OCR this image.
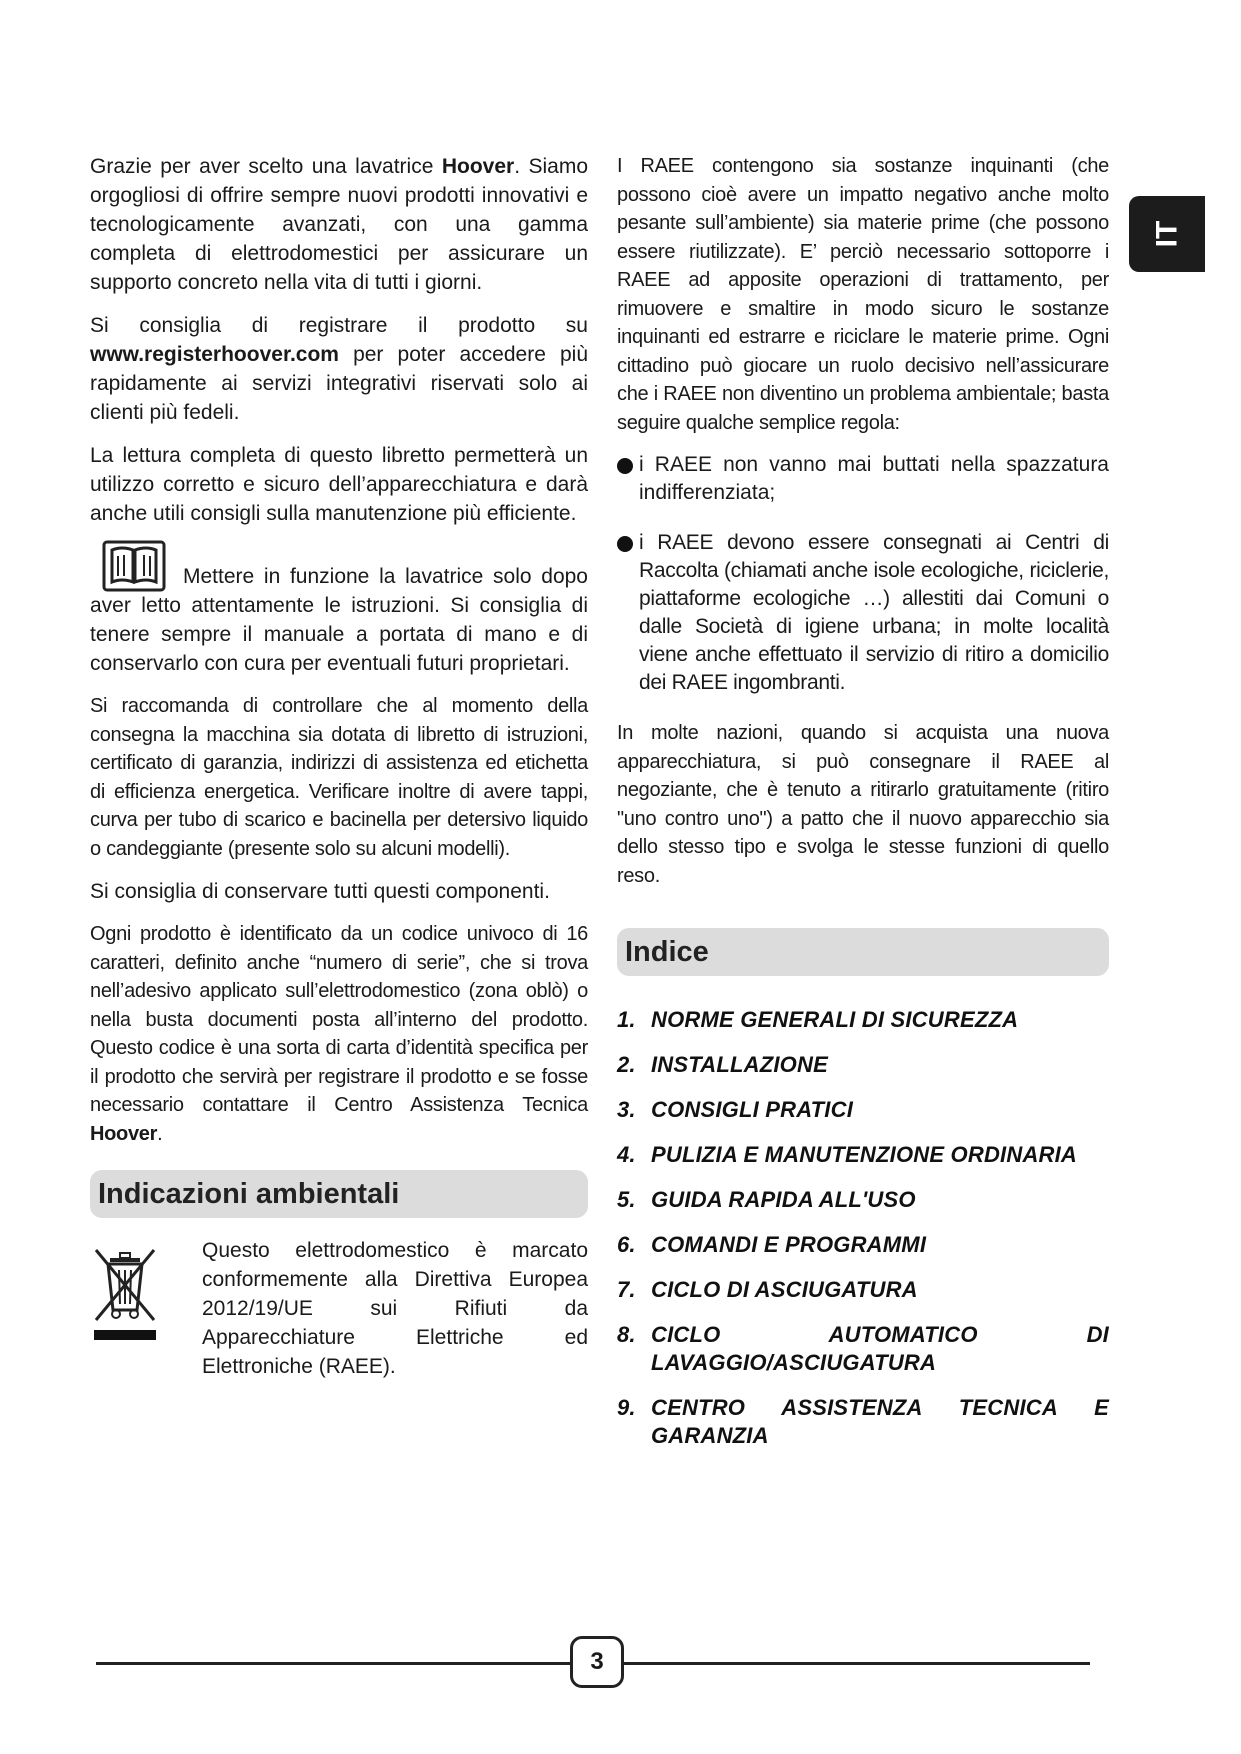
IT

Grazie per aver scelto una lavatrice Hoover. Siamo orgogliosi di offrire sempre nuovi prodotti innovativi e tecnologicamente avanzati, con una gamma completa di elettrodomestici per assicurare un supporto concreto nella vita di tutti i giorni.

Si consiglia di registrare il prodotto su www.registerhoover.com per poter accedere più rapidamente ai servizi integrativi riservati solo ai clienti più fedeli.

La lettura completa di questo libretto permetterà un utilizzo corretto e sicuro dell’apparecchiatura e darà anche utili consigli sulla manutenzione più efficiente.

Mettere in funzione la lavatrice solo dopo aver letto attentamente le istruzioni. Si consiglia di tenere sempre il manuale a portata di mano e di conservarlo con cura per eventuali futuri proprietari.

Si raccomanda di controllare che al momento della consegna la macchina sia dotata di libretto di istruzioni, certificato di garanzia, indirizzi di assistenza ed etichetta di efficienza energetica. Verificare inoltre di avere tappi, curva per tubo di scarico e bacinella per detersivo liquido o candeggiante (presente solo su alcuni modelli).

Si consiglia di conservare tutti questi componenti.

Ogni prodotto è identificato da un codice univoco di 16 caratteri, definito anche “numero di serie”, che si trova nell’adesivo applicato sull’elettrodomestico (zona oblò) o nella busta documenti posta all’interno del prodotto. Questo codice è una sorta di carta d’identità specifica per il prodotto che servirà per registrare il prodotto e se fosse necessario contattare il Centro Assistenza Tecnica Hoover.

Indicazioni ambientali

Questo elettrodomestico è marcato conformemente alla Direttiva Europea 2012/19/UE sui Rifiuti da Apparecchiature Elettriche ed Elettroniche (RAEE).

I RAEE contengono sia sostanze inquinanti (che possono cioè avere un impatto negativo anche molto pesante sull’ambiente) sia materie prime (che possono essere riutilizzate). E’ perciò necessario sottoporre i RAEE ad apposite operazioni di trattamento, per rimuovere e smaltire in modo sicuro le sostanze inquinanti ed estrarre e riciclare le materie prime. Ogni cittadino può giocare un ruolo decisivo nell’assicurare che i RAEE non diventino un problema ambientale; basta seguire qualche semplice regola:

i RAEE non vanno mai buttati nella spazzatura indifferenziata;
i RAEE devono essere consegnati ai Centri di Raccolta (chiamati anche isole ecologiche, riciclerie, piattaforme ecologiche …) allestiti dai Comuni o dalle Società di igiene urbana; in molte località viene anche effettuato il servizio di ritiro a domicilio dei RAEE ingombranti.

In molte nazioni, quando si acquista una nuova apparecchiatura, si può consegnare il RAEE al negoziante, che è tenuto a ritirarlo gratuitamente (ritiro "uno contro uno") a patto che il nuovo apparecchio sia dello stesso tipo e svolga le stesse funzioni di quello reso.

Indice
1. NORME GENERALI DI SICUREZZA
2. INSTALLAZIONE
3. CONSIGLI PRATICI
4. PULIZIA E MANUTENZIONE ORDINARIA
5. GUIDA RAPIDA ALL'USO
6. COMANDI E PROGRAMMI
7. CICLO DI ASCIUGATURA
8. CICLO AUTOMATICO DI LAVAGGIO/ASCIUGATURA
9. CENTRO ASSISTENZA TECNICA E GARANZIA
3
